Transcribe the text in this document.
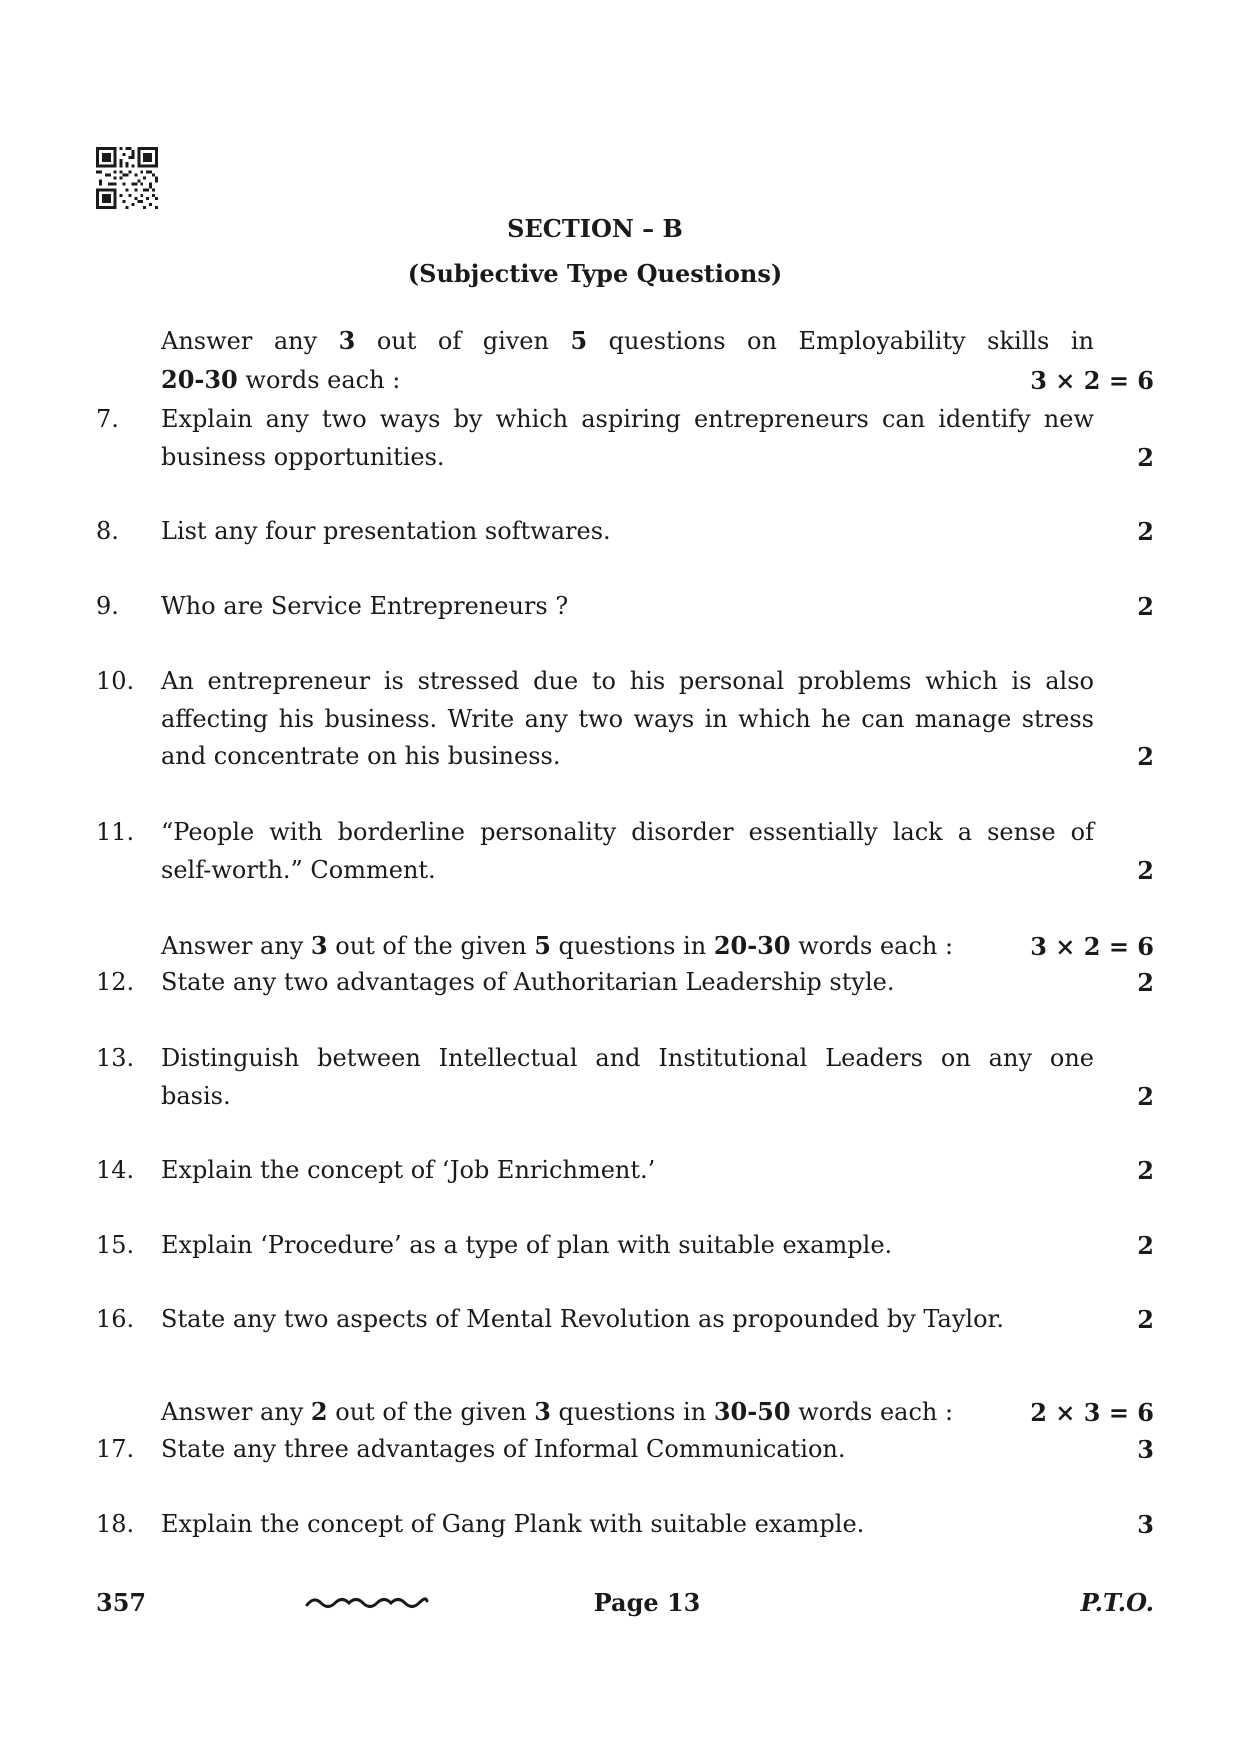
SECTION – B
(Subjective Type Questions)
Answer any 3 out of given 5 questions on Employability skills in
20-30 words each :	3 × 2 = 6
7. Explain any two ways by which aspiring entrepreneurs can identify new
business opportunities.	2
8. List any four presentation softwares.	2
9. Who are Service Entrepreneurs ?	2
10. An entrepreneur is stressed due to his personal problems which is also
affecting his business. Write any two ways in which he can manage stress
and concentrate on his business.	2
11. “People with borderline personality disorder essentially lack a sense of
self-worth.” Comment.	2
Answer any 3 out of the given 5 questions in 20-30 words each :	3 × 2 = 6
12. State any two advantages of Authoritarian Leadership style.	2
13. Distinguish between Intellectual and Institutional Leaders on any one
basis.	2
14. Explain the concept of ‘Job Enrichment.’	2
15. Explain ‘Procedure’ as a type of plan with suitable example.	2
16. State any two aspects of Mental Revolution as propounded by Taylor.	2
Answer any 2 out of the given 3 questions in 30-50 words each :	2 × 3 = 6
17. State any three advantages of Informal Communication.	3
18. Explain the concept of Gang Plank with suitable example.	3
357	Page 13	P.T.O.
